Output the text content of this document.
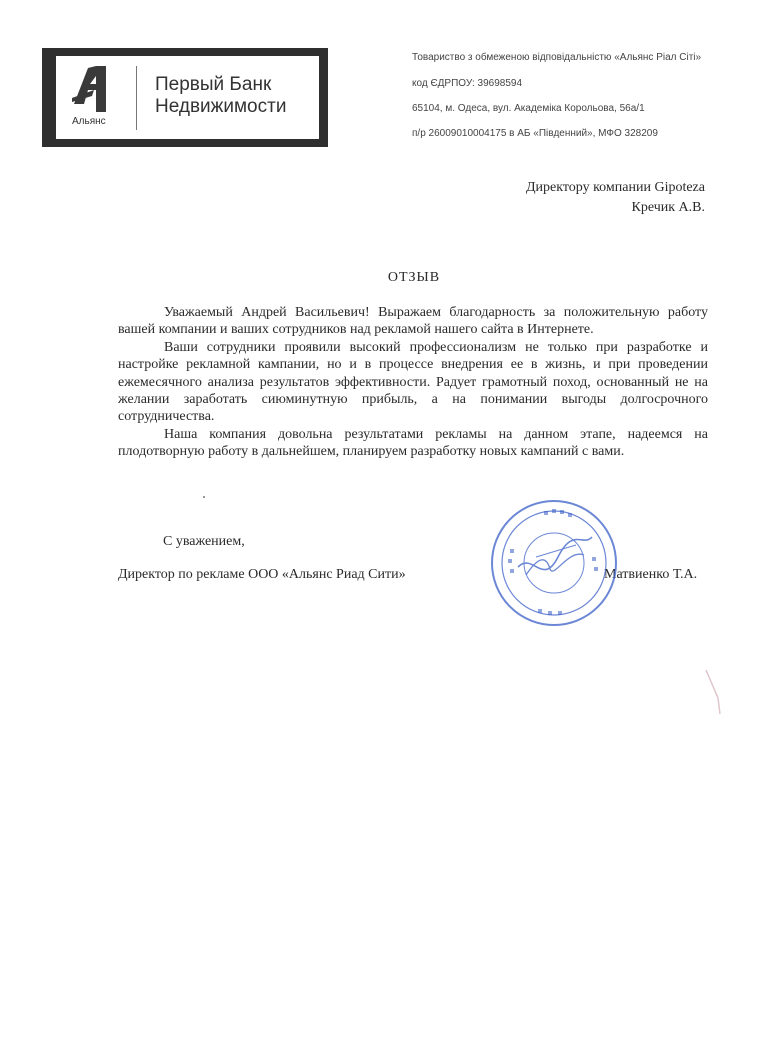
Альянс
Первый Банк
Недвижимости
Товариство з обмеженою відповідальністю «Альянс Ріал Сіті»
код ЄДРПОУ: 39698594
65104, м. Одеса, вул. Академіка Корольова, 56а/1
п/р 26009010004175 в АБ «Південний», МФО 328209
Директору компании Gipoteza
Кречик А.В.
ОТЗЫВ

Уважаемый Андрей Васильевич! Выражаем благодарность за положительную работу вашей компании и ваших сотрудников над рекламой нашего сайта в Интернете.

Ваши сотрудники проявили высокий профессионализм не только при разработке и настройке рекламной кампании, но и в процессе внедрения ее в жизнь, и при проведении ежемесячного анализа результатов эффективности. Радует грамотный поход, основанный не на желании заработать сиюминутную прибыль, а на понимании выгоды долгосрочного сотрудничества.

Наша компания довольна результатами рекламы на данном этапе, надеемся на плодотворную работу в дальнейшем, планируем разработку новых кампаний с вами.

С уважением,
Директор по рекламе ООО «Альянс Риад Сити»	Матвиенко Т.А.
